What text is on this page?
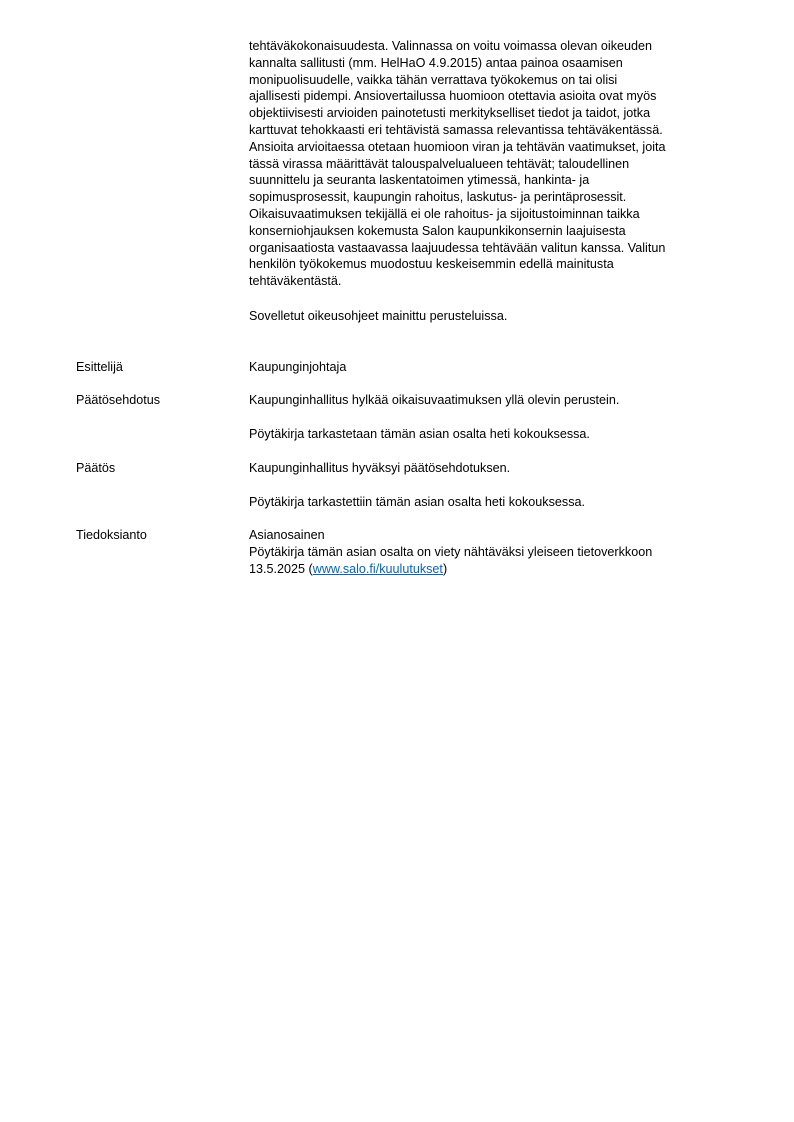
tehtäväkokonaisuudesta. Valinnassa on voitu voimassa olevan oikeuden
kannalta sallitusti (mm. HelHaO 4.9.2015) antaa painoa osaamisen
monipuolisuudelle, vaikka tähän verrattava työkokemus on tai olisi
ajallisesti pidempi. Ansiovertailussa huomioon otettavia asioita ovat myös
objektiivisesti arvioiden painotetusti merkitykselliset tiedot ja taidot, jotka
karttuvat tehokkaasti eri tehtävistä samassa relevantissa tehtäväkentässä.
Ansioita arvioitaessa otetaan huomioon viran ja tehtävän vaatimukset, joita
tässä virassa määrittävät talouspalvelualueen tehtävät; taloudellinen
suunnittelu ja seuranta laskentatoimen ytimessä, hankinta- ja
sopimusprosessit, kaupungin rahoitus, laskutus- ja perintäprosessit.
Oikaisuvaatimuksen tekijällä ei ole rahoitus- ja sijoitustoiminnan taikka
konserniohjauksen kokemusta Salon kaupunkikonsernin laajuisesta
organisaatiosta vastaavassa laajuudessa tehtävään valitun kanssa. Valitun
henkilön työkokemus muodostuu keskeisemmin edellä mainitusta
tehtäväkentästä.
Sovelletut oikeusohjeet mainittu perusteluissa.
Esittelijä	Kaupunginjohtaja
Päätösehdotus	Kaupunginhallitus hylkää oikaisuvaatimuksen yllä olevin perustein.
Pöytäkirja tarkastetaan tämän asian osalta heti kokouksessa.
Päätös	Kaupunginhallitus hyväksyi päätösehdotuksen.
Pöytäkirja tarkastettiin tämän asian osalta heti kokouksessa.
Tiedoksianto	Asianosainen
Pöytäkirja tämän asian osalta on viety nähtäväksi yleiseen tietoverkkoon
13.5.2025 (www.salo.fi/kuulutukset)
